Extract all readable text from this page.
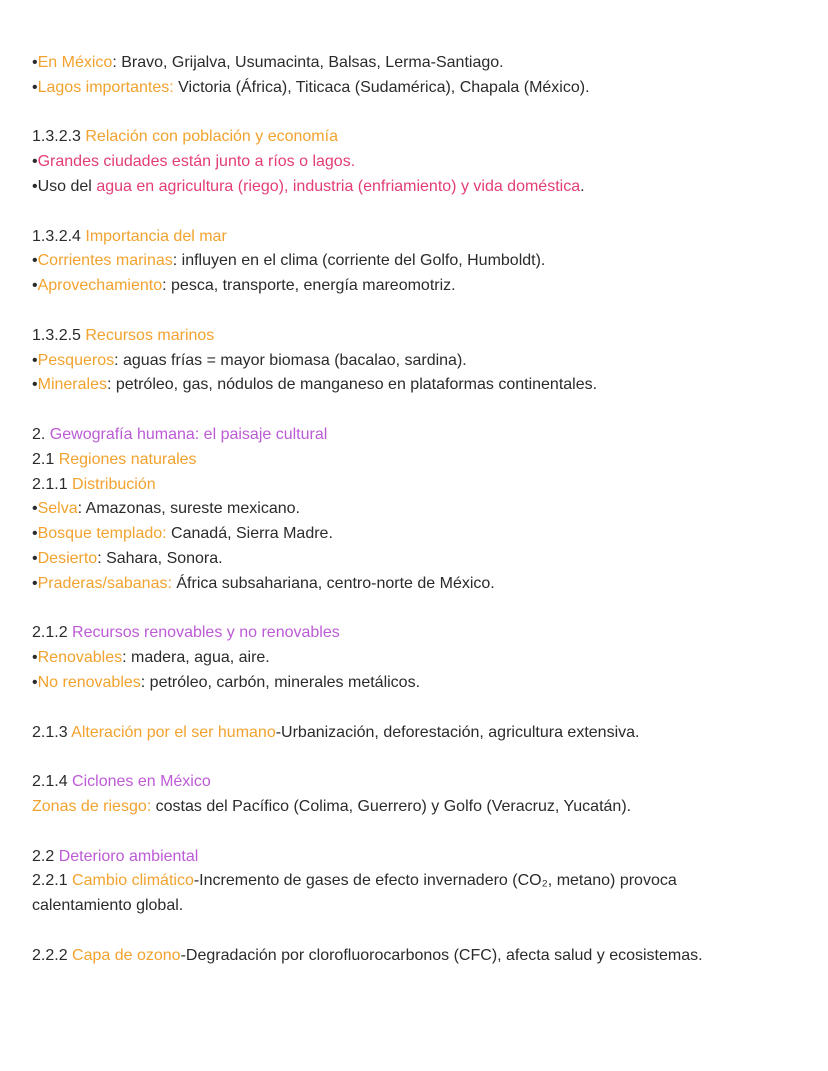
•En México: Bravo, Grijalva, Usumacinta, Balsas, Lerma-Santiago.
•Lagos importantes: Victoria (África), Titicaca (Sudamérica), Chapala (México).
1.3.2.3 Relación con población y economía
•Grandes ciudades están junto a ríos o lagos.
•Uso del agua en agricultura (riego), industria (enfriamiento) y vida doméstica.
1.3.2.4 Importancia del mar
•Corrientes marinas: influyen en el clima (corriente del Golfo, Humboldt).
•Aprovechamiento: pesca, transporte, energía mareomotriz.
1.3.2.5 Recursos marinos
•Pesqueros: aguas frías = mayor biomasa (bacalao, sardina).
•Minerales: petróleo, gas, nódulos de manganeso en plataformas continentales.
2. Gewografía humana: el paisaje cultural
2.1 Regiones naturales
2.1.1 Distribución
•Selva: Amazonas, sureste mexicano.
•Bosque templado: Canadá, Sierra Madre.
•Desierto: Sahara, Sonora.
•Praderas/sabanas: África subsahariana, centro-norte de México.
2.1.2 Recursos renovables y no renovables
•Renovables: madera, agua, aire.
•No renovables: petróleo, carbón, minerales metálicos.
2.1.3 Alteración por el ser humano-Urbanización, deforestación, agricultura extensiva.
2.1.4 Ciclones en México
Zonas de riesgo: costas del Pacífico (Colima, Guerrero) y Golfo (Veracruz, Yucatán).
2.2 Deterioro ambiental
2.2.1 Cambio climático-Incremento de gases de efecto invernadero (CO₂, metano) provoca
calentamiento global.
2.2.2 Capa de ozono-Degradación por clorofluorocarbonos (CFC), afecta salud y ecosistemas.
